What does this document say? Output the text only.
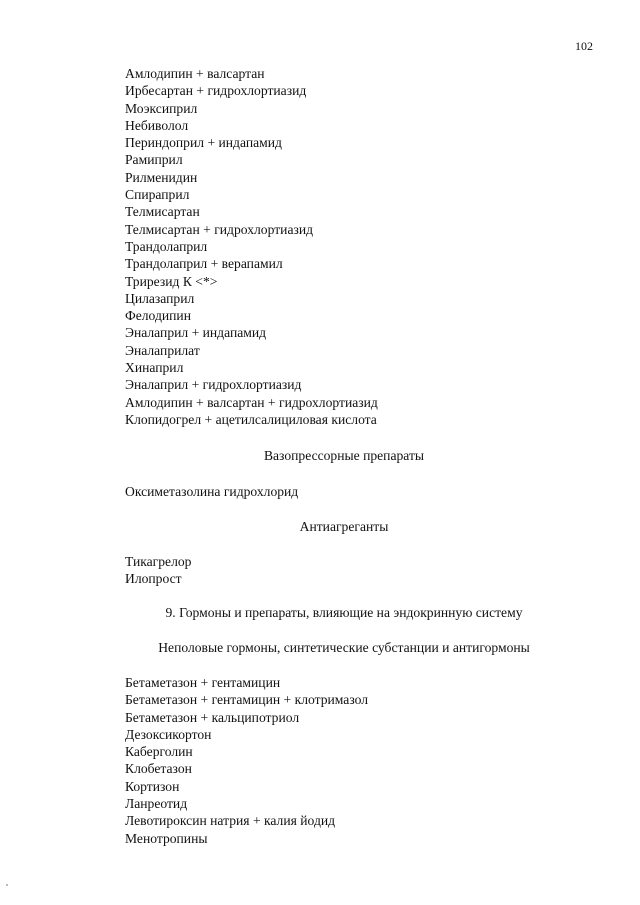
102
Амлодипин + валсартан
Ирбесартан + гидрохлортиазид
Моэксиприл
Небиволол
Периндоприл + индапамид
Рамиприл
Рилменидин
Спираприл
Телмисартан
Телмисартан + гидрохлортиазид
Трандолаприл
Трандолаприл + верапамил
Трирезид К <*>
Цилазаприл
Фелодипин
Эналаприл + индапамид
Эналаприлат
Хинаприл
Эналаприл + гидрохлортиазид
Амлодипин + валсартан + гидрохлортиазид
Клопидогрел + ацетилсалициловая кислота
Вазопрессорные препараты
Оксиметазолина гидрохлорид
Антиагреганты
Тикагрелор
Илопрост
9. Гормоны и препараты, влияющие на эндокринную систему
Неполовые гормоны, синтетические субстанции и антигормоны
Бетаметазон + гентамицин
Бетаметазон + гентамицин + клотримазол
Бетаметазон + кальципотриол
Дезоксикортон
Каберголин
Клобетазон
Кортизон
Ланреотид
Левотироксин натрия + калия йодид
Менотропины
